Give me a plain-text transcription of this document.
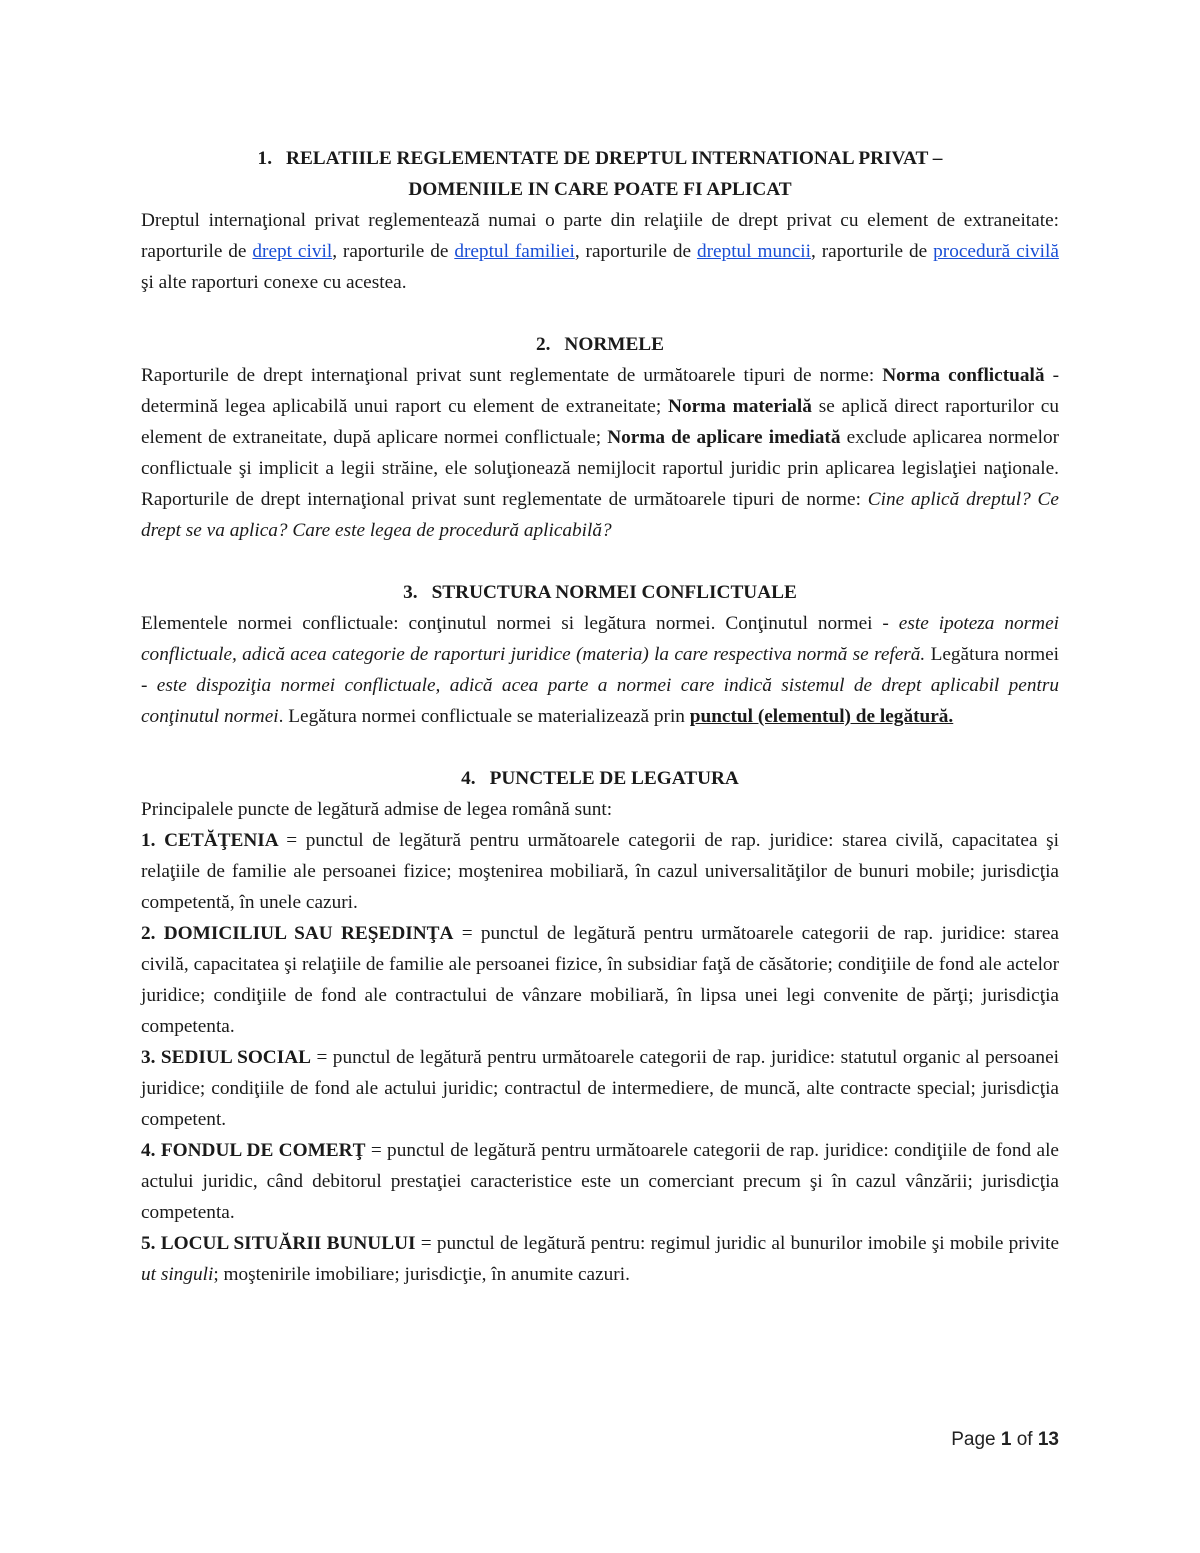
1. RELATIILE REGLEMENTATE DE DREPTUL INTERNATIONAL PRIVAT –

DOMENIILE IN CARE POATE FI APLICAT

Dreptul internaţional privat reglementează numai o parte din relaţiile de drept privat cu element de extraneitate: raporturile de drept civil, raporturile de dreptul familiei, raporturile de dreptul muncii, raporturile de procedură civilă şi alte raporturi conexe cu acestea.

2. NORMELE

Raporturile de drept internaţional privat sunt reglementate de următoarele tipuri de norme: Norma conflictuală - determină legea aplicabilă unui raport cu element de extraneitate; Norma materială se aplică direct raporturilor cu element de extraneitate, după aplicare normei conflictuale; Norma de aplicare imediată exclude aplicarea normelor conflictuale şi implicit a legii străine, ele soluţionează nemijlocit raportul juridic prin aplicarea legislaţiei naţionale. Raporturile de drept internaţional privat sunt reglementate de următoarele tipuri de norme: Cine aplică dreptul? Ce drept se va aplica? Care este legea de procedură aplicabilă?

3. STRUCTURA NORMEI CONFLICTUALE

Elementele normei conflictuale: conţinutul normei si legătura normei. Conţinutul normei - este ipoteza normei conflictuale, adică acea categorie de raporturi juridice (materia) la care respectiva normă se referă. Legătura normei - este dispoziţia normei conflictuale, adică acea parte a normei care indică sistemul de drept aplicabil pentru conţinutul normei. Legătura normei conflictuale se materializează prin punctul (elementul) de legătură.

4. PUNCTELE DE LEGATURA

Principalele puncte de legătură admise de legea română sunt:

1. CETĂŢENIA = punctul de legătură pentru următoarele categorii de rap. juridice: starea civilă, capacitatea şi relaţiile de familie ale persoanei fizice; moştenirea mobiliară, în cazul universalităţilor de bunuri mobile; jurisdicţia competentă, în unele cazuri.

2. DOMICILIUL SAU REŞEDINŢA = punctul de legătură pentru următoarele categorii de rap. juridice: starea civilă, capacitatea şi relaţiile de familie ale persoanei fizice, în subsidiar faţă de căsătorie; condiţiile de fond ale actelor juridice; condiţiile de fond ale contractului de vânzare mobiliară, în lipsa unei legi convenite de părţi; jurisdicţia competenta.

3. SEDIUL SOCIAL = punctul de legătură pentru următoarele categorii de rap. juridice: statutul organic al persoanei juridice; condiţiile de fond ale actului juridic; contractul de intermediere, de muncă, alte contracte special; jurisdicţia competent.

4. FONDUL DE COMERŢ = punctul de legătură pentru următoarele categorii de rap. juridice: condiţiile de fond ale actului juridic, când debitorul prestaţiei caracteristice este un comerciant precum şi în cazul vânzării; jurisdicţia competenta.

5. LOCUL SITUĂRII BUNULUI = punctul de legătură pentru: regimul juridic al bunurilor imobile şi mobile privite ut singuli; moştenirile imobiliare; jurisdicţie, în anumite cazuri.

Page 1 of 13
